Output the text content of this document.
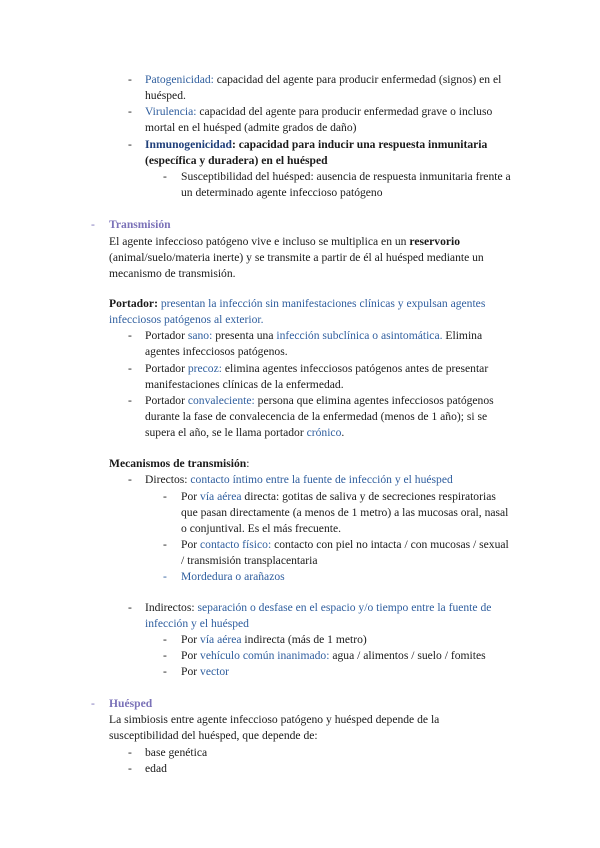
- Patogenicidad: capacidad del agente para producir enfermedad (signos) en el
huésped.
- Virulencia: capacidad del agente para producir enfermedad grave o incluso
mortal en el huésped (admite grados de daño)
- Inmunogenicidad: capacidad para inducir una respuesta inmunitaria
(específica y duradera) en el huésped
- Susceptibilidad del huésped: ausencia de respuesta inmunitaria frente a
un determinado agente infeccioso patógeno
- Transmisión
El agente infeccioso patógeno vive e incluso se multiplica en un reservorio
(animal/suelo/materia inerte) y se transmite a partir de él al huésped mediante un
mecanismo de transmisión.
Portador: presentan la infección sin manifestaciones clínicas y expulsan agentes
infecciosos patógenos al exterior.
- Portador sano: presenta una infección subclínica o asintomática. Elimina
agentes infecciosos patógenos.
- Portador precoz: elimina agentes infecciosos patógenos antes de presentar
manifestaciones clínicas de la enfermedad.
- Portador convaleciente: persona que elimina agentes infecciosos patógenos
durante la fase de convalecencia de la enfermedad (menos de 1 año); si se
supera el año, se le llama portador crónico.
Mecanismos de transmisión:
- Directos: contacto íntimo entre la fuente de infección y el huésped
- Por vía aérea directa: gotitas de saliva y de secreciones respiratorias
que pasan directamente (a menos de 1 metro) a las mucosas oral, nasal
o conjuntival. Es el más frecuente.
- Por contacto físico: contacto con piel no intacta / con mucosas / sexual
/ transmisión transplacentaria
- Mordedura o arañazos
- Indirectos: separación o desfase en el espacio y/o tiempo entre la fuente de
infección y el huésped
- Por vía aérea indirecta (más de 1 metro)
- Por vehículo común inanimado: agua / alimentos / suelo / fomites
- Por vector
- Huésped
La simbiosis entre agente infeccioso patógeno y huésped depende de la
susceptibilidad del huésped, que depende de:
- base genética
- edad
